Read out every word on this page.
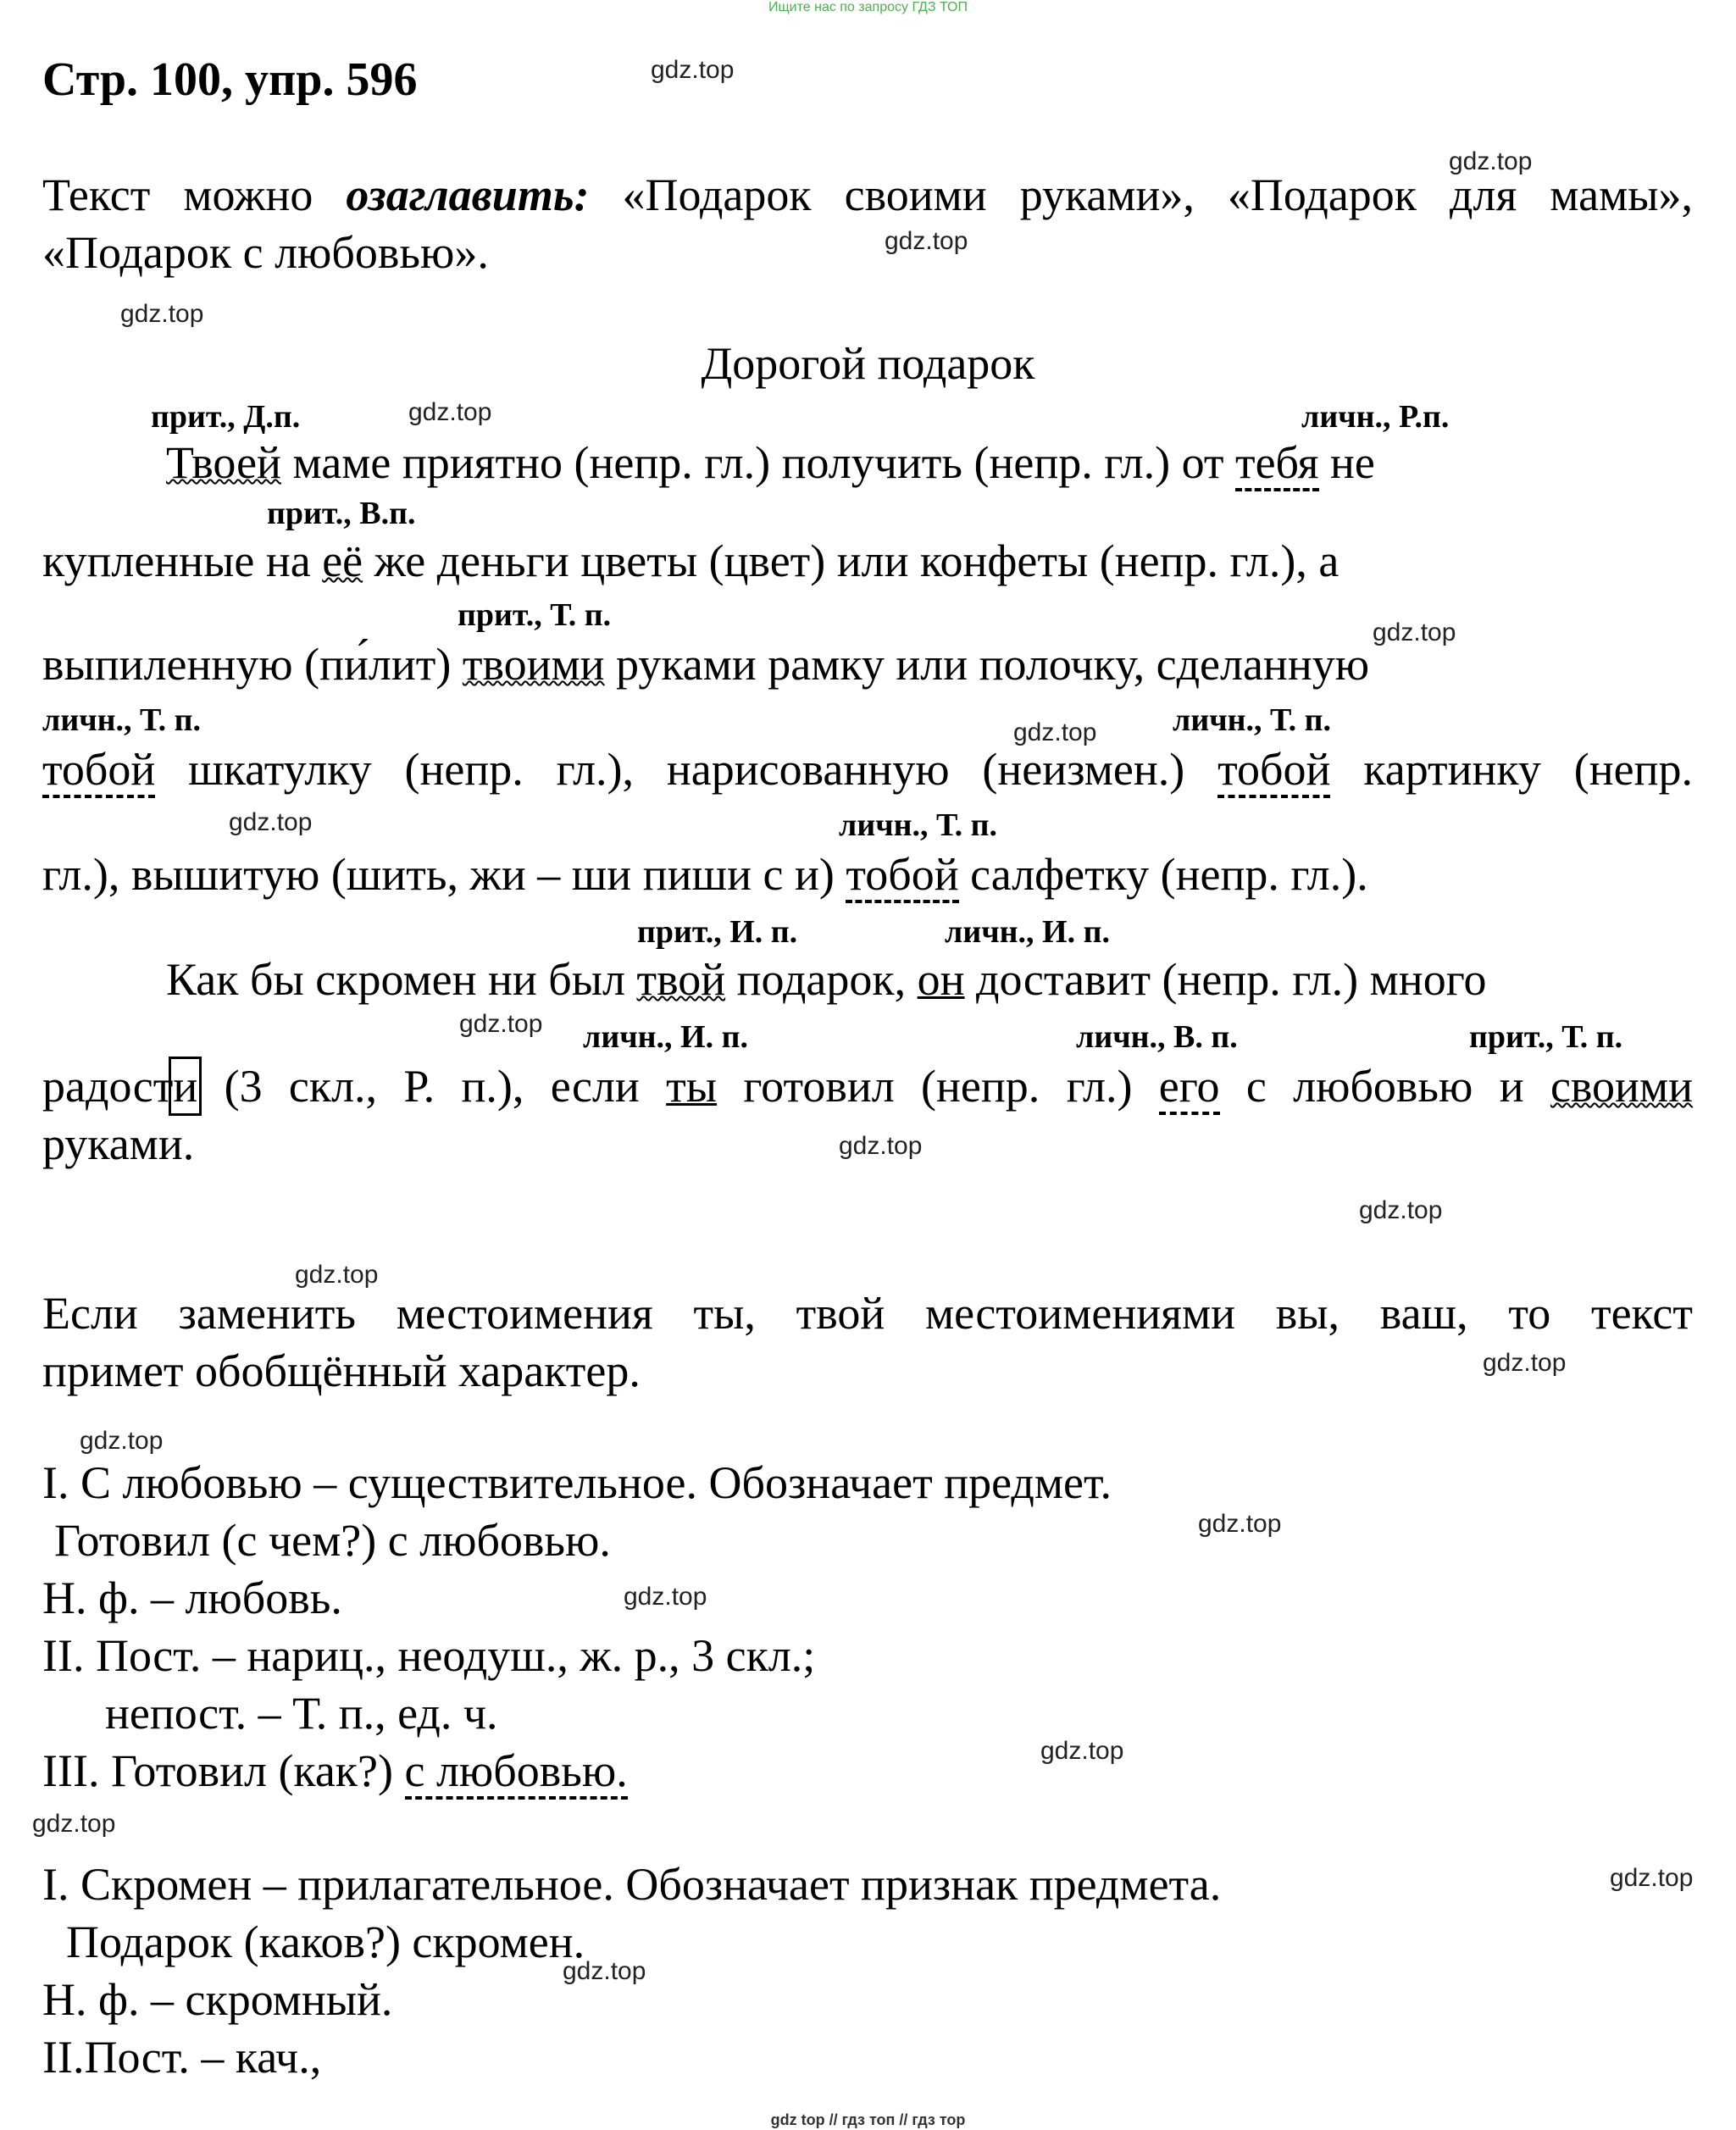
Ищите нас по запросу ГДЗ ТОП
Стр. 100, упр. 596
Текст можно озаглавить: «Подарок своими руками», «Подарок для мамы»,
«Подарок с любовью».
Дорогой подарок
прит., Д.п.	личн., Р.п.
прит., В.п.
прит., Т. п.
личн., Т. п.	личн., Т. п.
личн., Т. п.
прит., И. п.	личн., И. п.
личн., И. п.	личн., В. п.	прит., Т. п.
Твоей маме приятно (непр. гл.) получить (непр. гл.) от тебя не
купленные на её же деньги цветы (цвет) или конфеты (непр. гл.), а
выпиленную (пи́лит) твоими руками рамку или полочку, сделанную
тобой шкатулку (непр. гл.), нарисованную (неизмен.) тобой картинку (непр.
гл.), вышитую (шить, жи – ши пиши с и) тобой салфетку (непр. гл.).
Как бы скромен ни был твой подарок, он доставит (непр. гл.) много
радости (3 скл., Р. п.), если ты готовил (непр. гл.) его с любовью и своими
руками.
Если заменить местоимения ты, твой местоимениями вы, ваш, то текст
примет обобщённый характер.
I. С любовью – существительное. Обозначает предмет.
Готовил (с чем?) с любовью.
Н. ф. – любовь.
II. Пост. – нариц., неодуш., ж. р., 3 скл.;
непост. – Т. п., ед. ч.
III. Готовил (как?) с любовью.
I. Скромен – прилагательное. Обозначает признак предмета.
Подарок (каков?) скромен.
Н. ф. – скромный.
II.Пост. – кач.,
gdz.top
gdz.top
gdz.top
gdz.top
gdz.top
gdz.top
gdz.top
gdz.top
gdz.top
gdz.top
gdz.top
gdz.top
gdz.top
gdz.top
gdz.top
gdz.top
gdz.top
gdz.top
gdz.top
gdz.top
gdz top // гдз топ // гдз тор
